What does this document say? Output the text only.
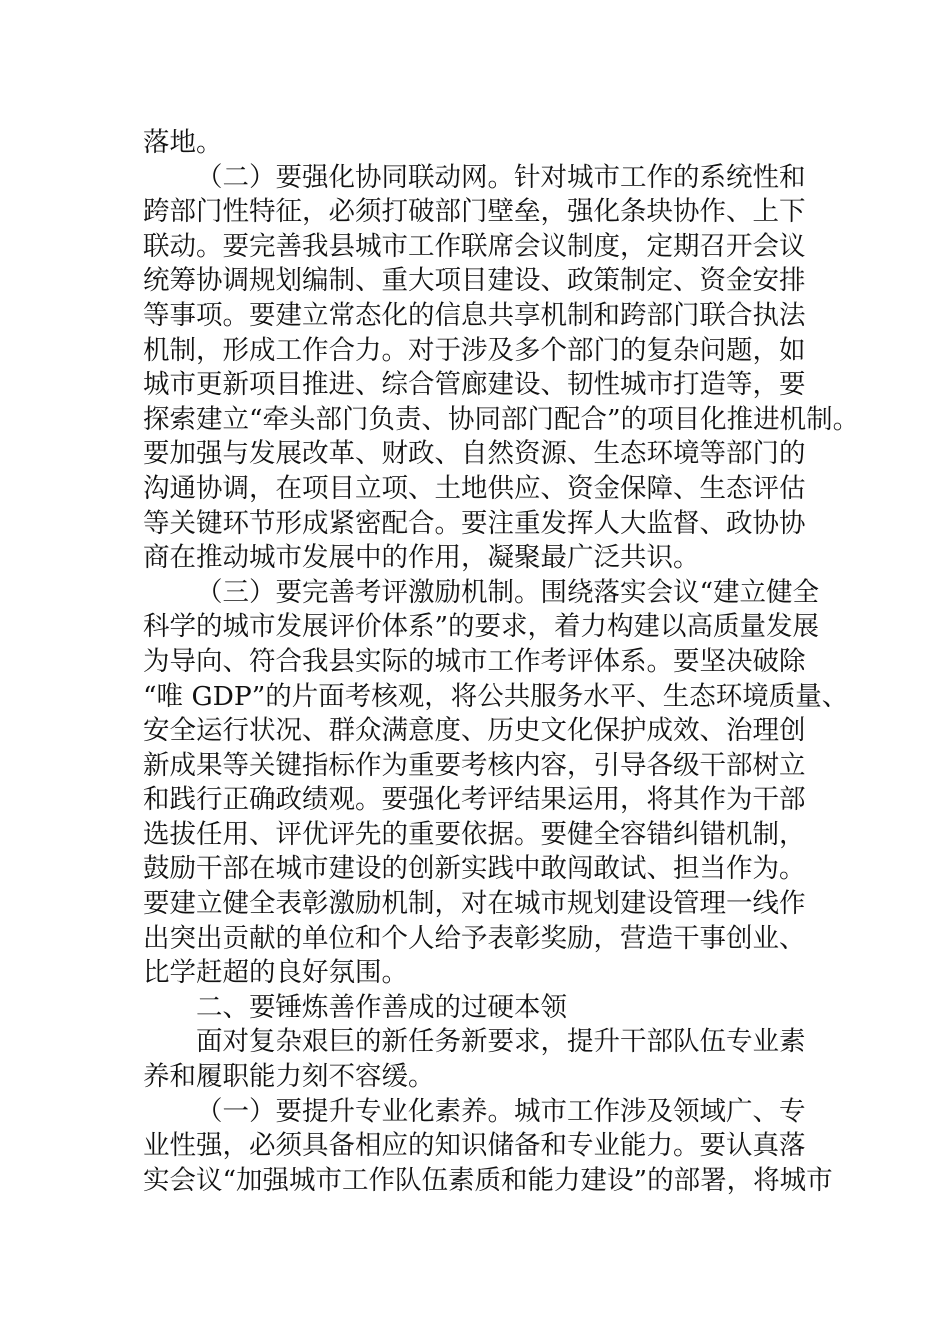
落地。
（二）要强化协同联动网。针对城市工作的系统性和
跨部门性特征，必须打破部门壁垒，强化条块协作、上下
联动。要完善我县城市工作联席会议制度，定期召开会议
统筹协调规划编制、重大项目建设、政策制定、资金安排
等事项。要建立常态化的信息共享机制和跨部门联合执法
机制，形成工作合力。对于涉及多个部门的复杂问题，如
城市更新项目推进、综合管廊建设、韧性城市打造等，要
探索建立“牵头部门负责、协同部门配合”的项目化推进机制。
要加强与发展改革、财政、自然资源、生态环境等部门的
沟通协调，在项目立项、土地供应、资金保障、生态评估
等关键环节形成紧密配合。要注重发挥人大监督、政协协
商在推动城市发展中的作用，凝聚最广泛共识。
（三）要完善考评激励机制。围绕落实会议“建立健全
科学的城市发展评价体系”的要求，着力构建以高质量发展
为导向、符合我县实际的城市工作考评体系。要坚决破除
“唯 GDP”的片面考核观，将公共服务水平、生态环境质量、
安全运行状况、群众满意度、历史文化保护成效、治理创
新成果等关键指标作为重要考核内容，引导各级干部树立
和践行正确政绩观。要强化考评结果运用，将其作为干部
选拔任用、评优评先的重要依据。要健全容错纠错机制，
鼓励干部在城市建设的创新实践中敢闯敢试、担当作为。
要建立健全表彰激励机制，对在城市规划建设管理一线作
出突出贡献的单位和个人给予表彰奖励，营造干事创业、
比学赶超的良好氛围。
二、要锤炼善作善成的过硬本领
面对复杂艰巨的新任务新要求，提升干部队伍专业素
养和履职能力刻不容缓。
（一）要提升专业化素养。城市工作涉及领域广、专
业性强，必须具备相应的知识储备和专业能力。要认真落
实会议“加强城市工作队伍素质和能力建设”的部署，将城市
